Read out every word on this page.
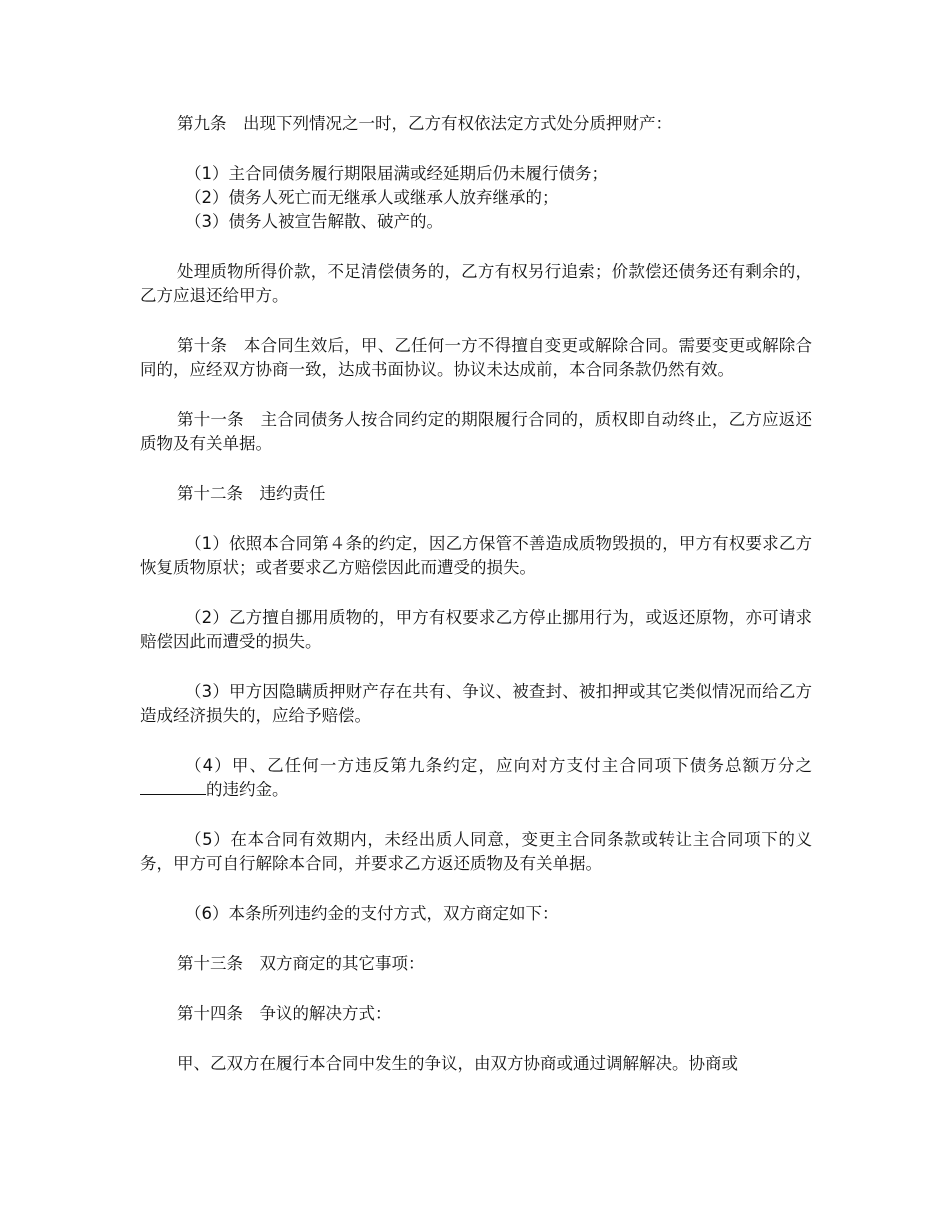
第九条　 出现下列情况之一时，乙方有权依法定方式处分质押财产：

（1）主合同债务履行期限届满或经延期后仍未履行债务；

（2）债务人死亡而无继承人或继承人放弃继承的；

（3）债务人被宣告解散、破产的。

处理质物所得价款，不足清偿债务的，乙方有权另行追索；价款偿还债务还有剩余的，乙方应退还给甲方。

第十条　 本合同生效后，甲、乙任何一方不得擅自变更或解除合同。需要变更或解除合同的，应经双方协商一致，达成书面协议。协议未达成前，本合同条款仍然有效。

第十一条　 主合同债务人按合同约定的期限履行合同的，质权即自动终止，乙方应返还质物及有关单据。

第十二条　 违约责任

（1）依照本合同第４条的约定，因乙方保管不善造成质物毁损的，甲方有权要求乙方恢复质物原状；或者要求乙方赔偿因此而遭受的损失。

（2）乙方擅自挪用质物的，甲方有权要求乙方停止挪用行为，或返还原物，亦可请求赔偿因此而遭受的损失。

（3）甲方因隐瞒质押财产存在共有、争议、被查封、被扣押或其它类似情况而给乙方造成经济损失的，应给予赔偿。

（4）甲、乙任何一方违反第九条约定，应向对方支付主合同项下债务总额万分之的违约金。

（5）在本合同有效期内，未经出质人同意，变更主合同条款或转让主合同项下的义务，甲方可自行解除本合同，并要求乙方返还质物及有关单据。

（6）本条所列违约金的支付方式，双方商定如下：

第十三条　 双方商定的其它事项：

第十四条　 争议的解决方式：

甲、乙双方在履行本合同中发生的争议，由双方协商或通过调解解决。协商或
